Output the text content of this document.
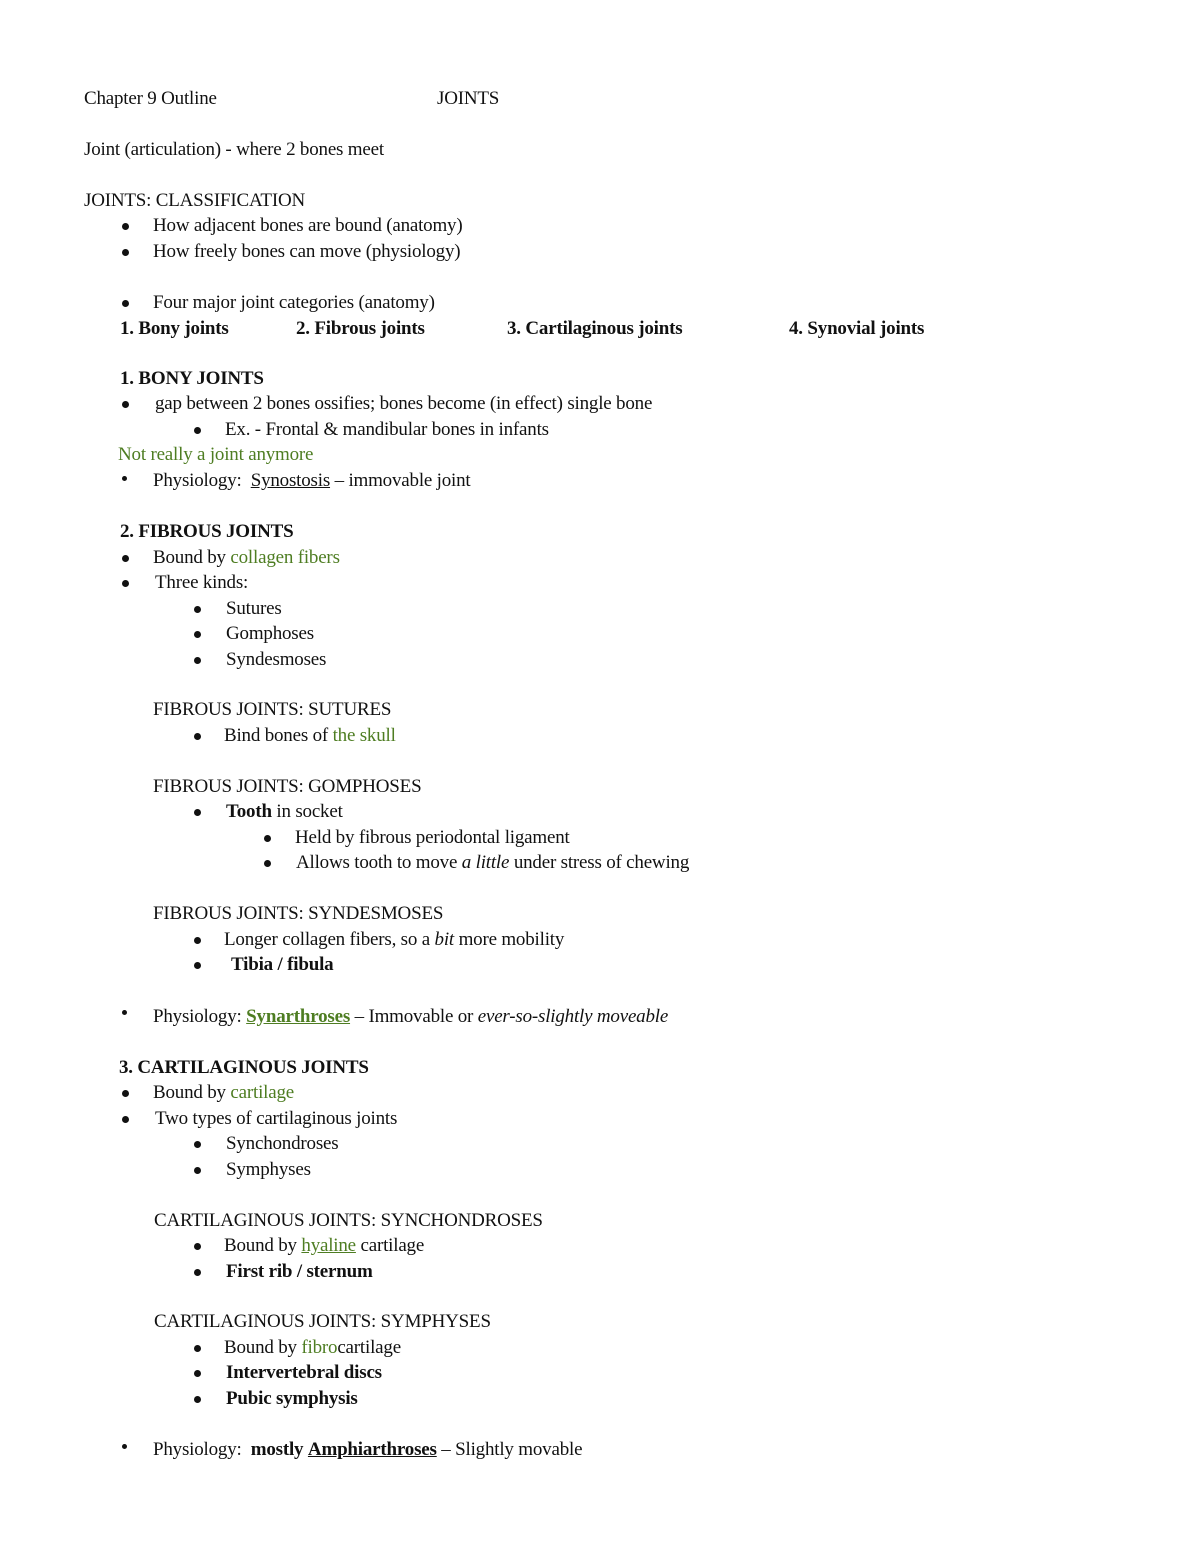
Chapter 9 Outline	JOINTS
Joint (articulation) - where 2 bones meet
JOINTS: CLASSIFICATION
How adjacent bones are bound (anatomy)
How freely bones can move (physiology)
Four major joint categories (anatomy)
1. Bony joints	2. Fibrous joints	3. Cartilaginous joints	4. Synovial joints
1. BONY JOINTS
gap between 2 bones ossifies; bones become (in effect) single bone
Ex. - Frontal & mandibular bones in infants
Not really a joint anymore
Physiology: Synostosis – immovable joint
2. FIBROUS JOINTS
Bound by collagen fibers
Three kinds:
Sutures
Gomphoses
Syndesmoses
FIBROUS JOINTS: SUTURES
Bind bones of the skull
FIBROUS JOINTS: GOMPHOSES
Tooth in socket
Held by fibrous periodontal ligament
Allows tooth to move a little under stress of chewing
FIBROUS JOINTS: SYNDESMOSES
Longer collagen fibers, so a bit more mobility
Tibia / fibula
Physiology: Synarthroses – Immovable or ever-so-slightly moveable
3. CARTILAGINOUS JOINTS
Bound by cartilage
Two types of cartilaginous joints
Synchondroses
Symphyses
CARTILAGINOUS JOINTS: SYNCHONDROSES
Bound by hyaline cartilage
First rib / sternum
CARTILAGINOUS JOINTS: SYMPHYSES
Bound by fibrocartilage
Intervertebral discs
Pubic symphysis
Physiology: mostly Amphiarthroses – Slightly movable
